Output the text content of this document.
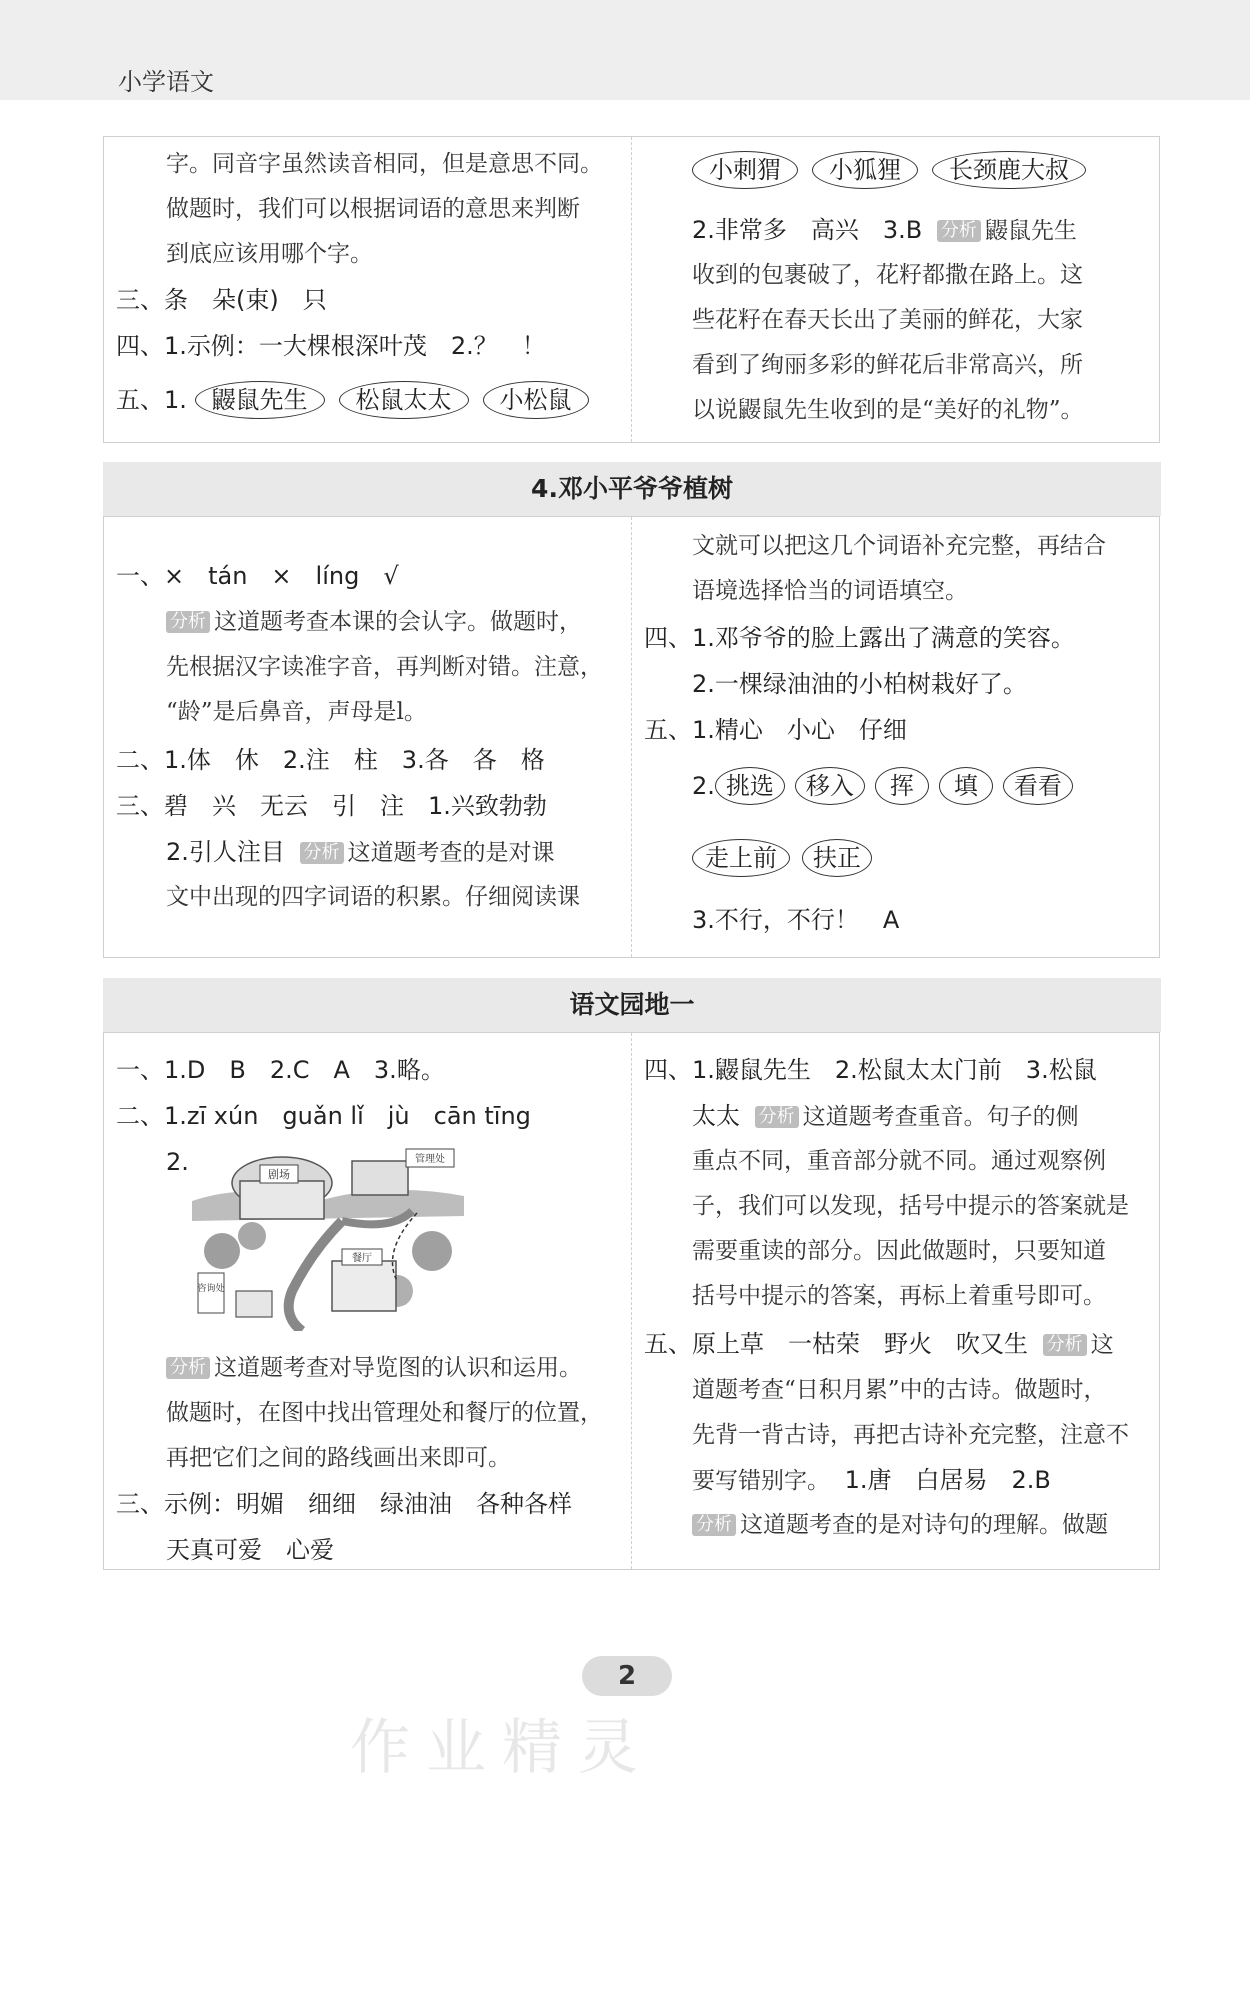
小学语文
字。同音字虽然读音相同，但是意思不同。
做题时，我们可以根据词语的意思来判断
到底应该用哪个字。
三、条　朵(束)　只
四、1.示例：一大棵根深叶茂　2.？　！
五、1. 鼹鼠先生 松鼠太太 小松鼠
小刺猬 小狐狸 长颈鹿大叔
2.非常多　高兴　3.B 分析 鼹鼠先生
收到的包裹破了，花籽都撒在路上。这
些花籽在春天长出了美丽的鲜花，大家
看到了绚丽多彩的鲜花后非常高兴，所
以说鼹鼠先生收到的是“美好的礼物”。
4.邓小平爷爷植树
一、×　tán　×　líng　√
分析 这道题考查本课的会认字。做题时，
先根据汉字读准字音，再判断对错。注意，
“龄”是后鼻音，声母是l。
二、1.体　休　2.注　柱　3.各　各　格
三、碧　兴　无云　引　注　1.兴致勃勃
2.引人注目 分析 这道题考查的是对课
文中出现的四字词语的积累。仔细阅读课
文就可以把这几个词语补充完整，再结合
语境选择恰当的词语填空。
四、1.邓爷爷的脸上露出了满意的笑容。
2.一棵绿油油的小柏树栽好了。
五、1.精心　小心　仔细
2. 挑选 移入 挥 填 看看
走上前 扶正
3.不行，不行！　A
语文园地一
一、1.D　B　2.C　A　3.略。
二、1.zī xún　guǎn lǐ　jù　cān tīng
2.	剧场
管理处
咨询处
餐厅
分析 这道题考查对导览图的认识和运用。
做题时，在图中找出管理处和餐厅的位置，
再把它们之间的路线画出来即可。
三、示例：明媚　细细　绿油油　各种各样
天真可爱　心爱
四、1.鼹鼠先生　2.松鼠太太门前　3.松鼠
太太 分析 这道题考查重音。句子的侧
重点不同，重音部分就不同。通过观察例
子，我们可以发现，括号中提示的答案就是
需要重读的部分。因此做题时，只要知道
括号中提示的答案，再标上着重号即可。
五、原上草　一枯荣　野火　吹又生 分析 这
道题考查“日积月累”中的古诗。做题时，
先背一背古诗，再把古诗补充完整，注意不
要写错别字。 1.唐　白居易　2.B
分析 这道题考查的是对诗句的理解。做题
2
作业精灵
